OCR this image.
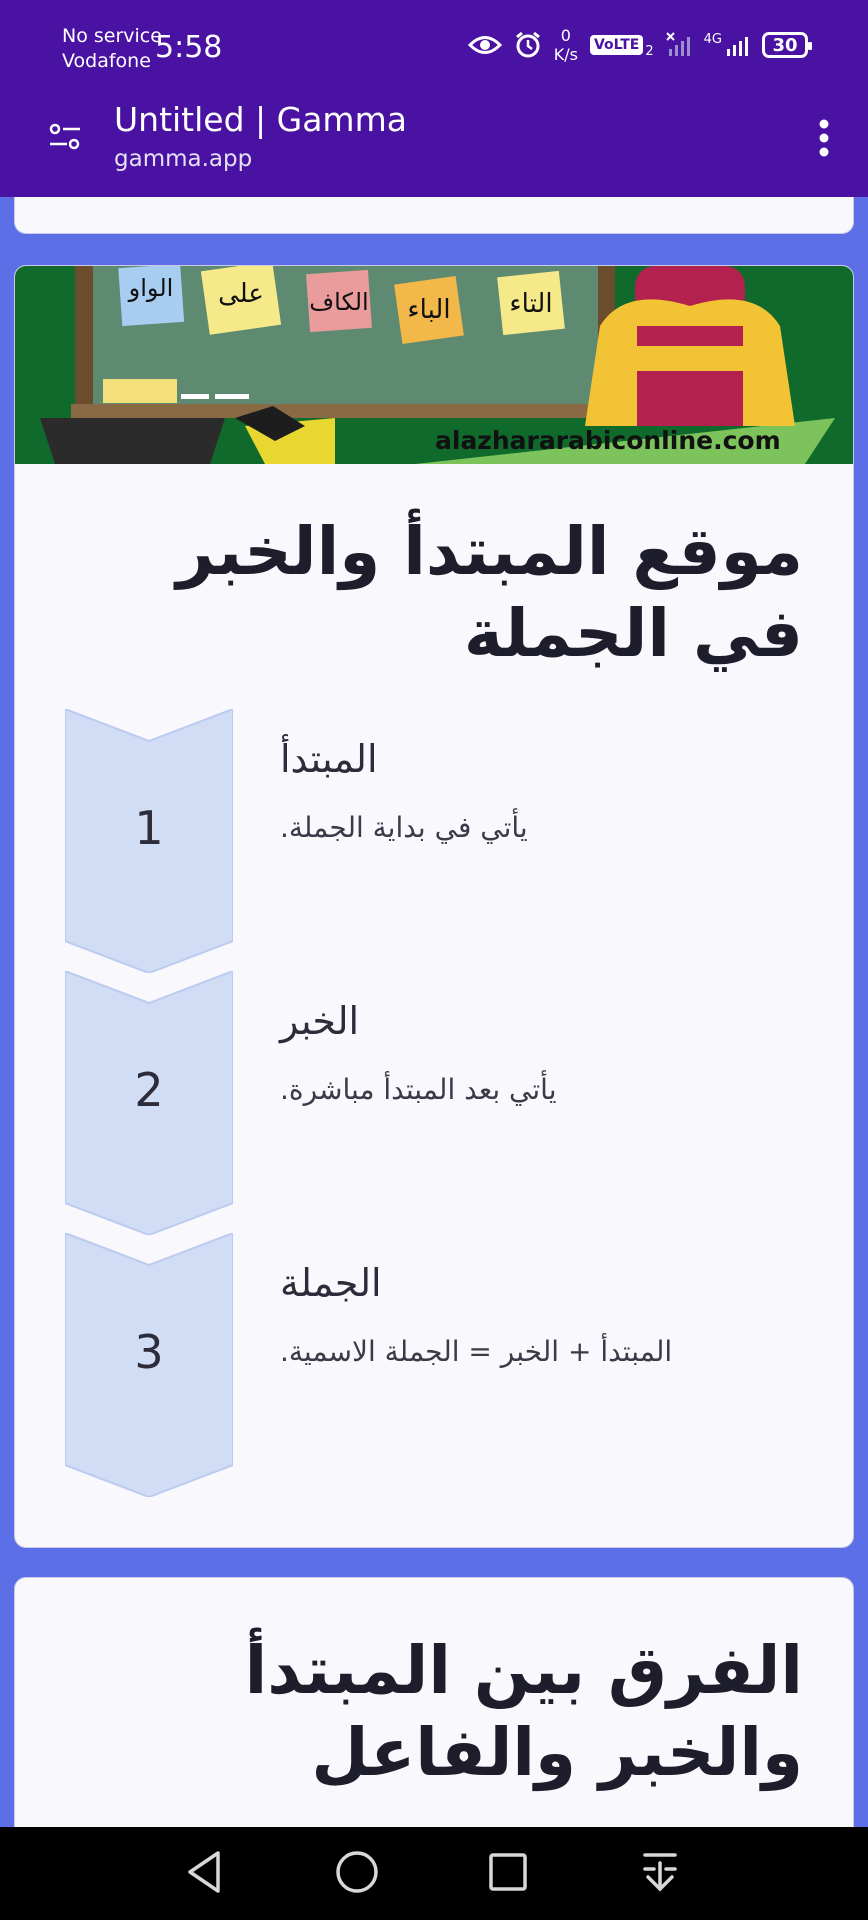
No service
Vodafone 5:58	0
K/s VoLTE 2
4G	30
Untitled | Gamma
gamma.app
التاء
الباء
الكاف
على
الواو
alazhararabiconline.com
موقع المبتدأ والخبر في الجملة
1
المبتدأ
يأتي في بداية الجملة.
2
الخبر
يأتي بعد المبتدأ مباشرة.
3
الجملة
المبتدأ + الخبر = الجملة الاسمية.
الفرق بين المبتدأ والخبر والفاعل
